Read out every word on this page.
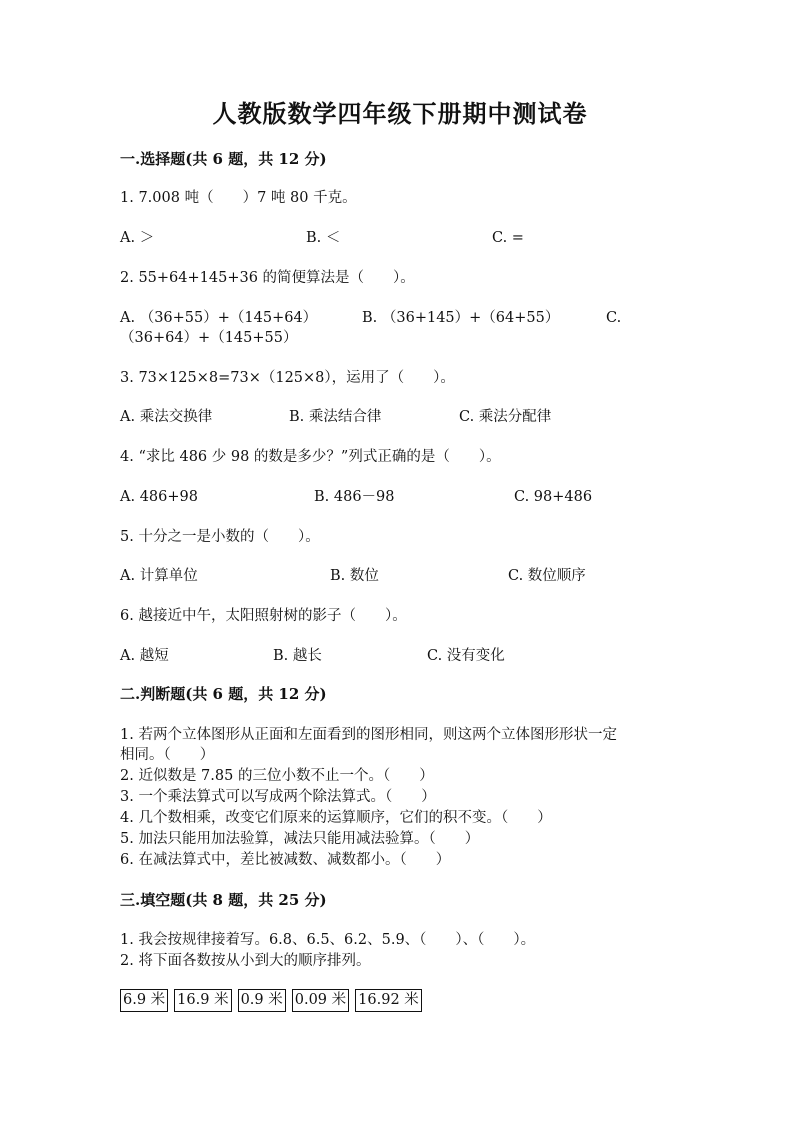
人教版数学四年级下册期中测试卷
一.选择题(共 6 题，共 12 分)
1. 7.008 吨（　　）7 吨 80 千克。
A. ＞	B. ＜	C. =
2. 55+64+145+36 的简便算法是（　　）。
A. （36+55）+（145+64）	B. （36+145）+（64+55）	C.
（36+64）+（145+55）
3. 73×125×8=73×（125×8），运用了（　　）。
A. 乘法交换律	B. 乘法结合律	C. 乘法分配律
4. “求比 486 少 98 的数是多少？”列式正确的是（　　）。
A. 486+98	B. 486－98	C. 98+486
5. 十分之一是小数的（　　）。
A. 计算单位	B. 数位	C. 数位顺序
6. 越接近中午，太阳照射树的影子（　　）。
A. 越短	B. 越长	C. 没有变化
二.判断题(共 6 题，共 12 分)
1. 若两个立体图形从正面和左面看到的图形相同，则这两个立体图形形状一定
相同。（　　）
2. 近似数是 7.85 的三位小数不止一个。（　　）
3. 一个乘法算式可以写成两个除法算式。（　　）
4. 几个数相乘，改变它们原来的运算顺序，它们的积不变。（　　）
5. 加法只能用加法验算，减法只能用减法验算。（　　）
6. 在减法算式中，差比被减数、减数都小。（　　）
三.填空题(共 8 题，共 25 分)
1. 我会按规律接着写。6.8、6.5、6.2、5.9、（　　）、（　　）。
2. 将下面各数按从小到大的顺序排列。
6.9 米 16.9 米 0.9 米 0.09 米 16.92 米
